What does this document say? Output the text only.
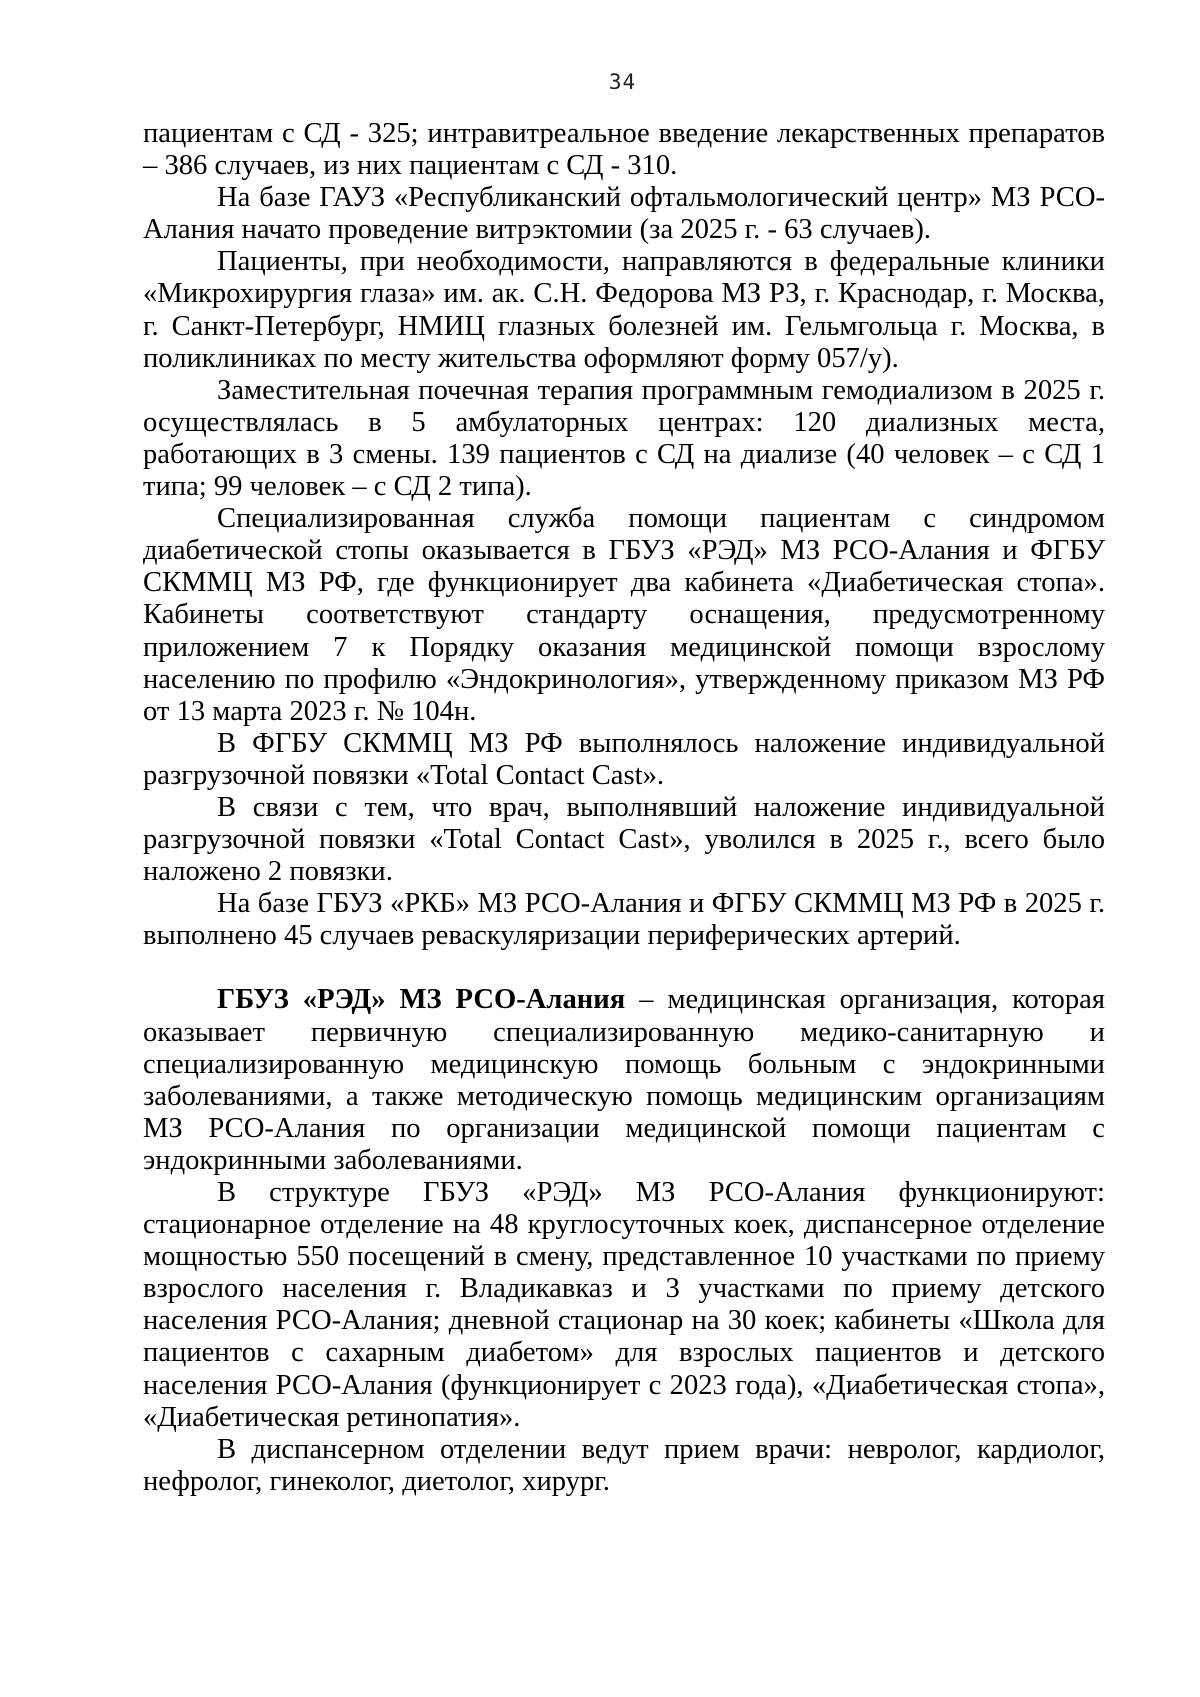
34

пациентам с СД - 325; интравитреальное введение лекарственных препаратов – 386 случаев, из них пациентам с СД - 310.

На базе ГАУЗ «Республиканский офтальмологический центр» МЗ РСО-Алания начато проведение витрэктомии (за 2025 г. - 63 случаев).

Пациенты, при необходимости, направляются в федеральные клиники «Микрохирургия глаза» им. ак. С.Н. Федорова МЗ РЗ, г. Краснодар, г. Москва, г. Санкт-Петербург, НМИЦ глазных болезней им. Гельмгольца г. Москва, в поликлиниках по месту жительства оформляют форму 057/у).

Заместительная почечная терапия программным гемодиализом в 2025 г. осуществлялась в 5 амбулаторных центрах: 120 диализных места, работающих в 3 смены. 139 пациентов с СД на диализе (40 человек – с СД 1 типа; 99 человек – с СД 2 типа).

Специализированная служба помощи пациентам с синдромом диабетической стопы оказывается в ГБУЗ «РЭД» МЗ РСО-Алания и ФГБУ СКММЦ МЗ РФ, где функционирует два кабинета «Диабетическая стопа». Кабинеты соответствуют стандарту оснащения, предусмотренному приложением 7 к Порядку оказания медицинской помощи взрослому населению по профилю «Эндокринология», утвержденному приказом МЗ РФ от 13 марта 2023 г. № 104н.

В ФГБУ СКММЦ МЗ РФ выполнялось наложение индивидуальной разгрузочной повязки «Total Contact Cast».

В связи с тем, что врач, выполнявший наложение индивидуальной разгрузочной повязки «Total Contact Cast», уволился в 2025 г., всего было наложено 2 повязки.

На базе ГБУЗ «РКБ» МЗ РСО-Алания и ФГБУ СКММЦ МЗ РФ в 2025 г. выполнено 45 случаев реваскуляризации периферических артерий.

ГБУЗ «РЭД» МЗ РСО-Алания – медицинская организация, которая оказывает первичную специализированную медико-санитарную и специализированную медицинскую помощь больным с эндокринными заболеваниями, а также методическую помощь медицинским организациям МЗ РСО-Алания по организации медицинской помощи пациентам с эндокринными заболеваниями.

В структуре ГБУЗ «РЭД» МЗ РСО-Алания функционируют: стационарное отделение на 48 круглосуточных коек, диспансерное отделение мощностью 550 посещений в смену, представленное 10 участками по приему взрослого населения г. Владикавказ и 3 участками по приему детского населения РСО-Алания; дневной стационар на 30 коек; кабинеты «Школа для пациентов с сахарным диабетом» для взрослых пациентов и детского населения РСО-Алания (функционирует с 2023 года), «Диабетическая стопа», «Диабетическая ретинопатия».

В диспансерном отделении ведут прием врачи: невролог, кардиолог, нефролог, гинеколог, диетолог, хирург.
